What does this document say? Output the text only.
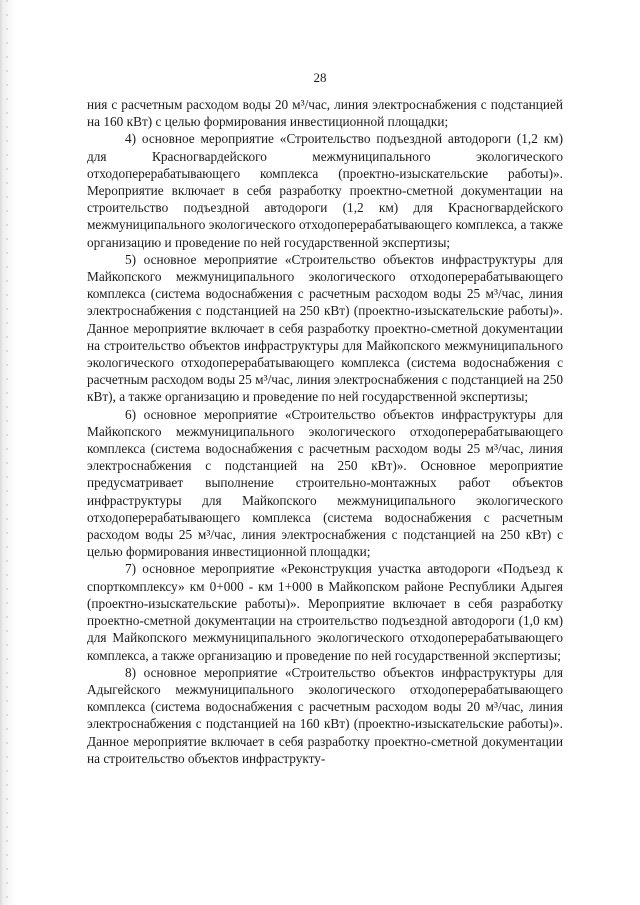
28

ния с расчетным расходом воды 20 м³/час, линия электроснабжения с подстанцией на 160 кВт) с целью формирования инвестиционной площадки;

4) основное мероприятие «Строительство подъездной автодороги (1,2 км) для Красногвардейского межмуниципального экологического отходоперерабатывающего комплекса (проектно-изыскательские работы)». Мероприятие включает в себя разработку проектно-сметной документации на строительство подъездной автодороги (1,2 км) для Красногвардейского межмуниципального экологического отходоперерабатывающего комплекса, а также организацию и проведение по ней государственной экспертизы;

5) основное мероприятие «Строительство объектов инфраструктуры для Майкопского межмуниципального экологического отходоперерабатывающего комплекса (система водоснабжения с расчетным расходом воды 25 м³/час, линия электроснабжения с подстанцией на 250 кВт) (проектно-изыскательские работы)». Данное мероприятие включает в себя разработку проектно-сметной документации на строительство объектов инфраструктуры для Майкопского межмуниципального экологического отходоперерабатывающего комплекса (система водоснабжения с расчетным расходом воды 25 м³/час, линия электроснабжения с подстанцией на 250 кВт), а также организацию и проведение по ней государственной экспертизы;

6) основное мероприятие «Строительство объектов инфраструктуры для Майкопского межмуниципального экологического отходоперерабатывающего комплекса (система водоснабжения с расчетным расходом воды 25 м³/час, линия электроснабжения с подстанцией на 250 кВт)». Основное мероприятие предусматривает выполнение строительно-монтажных работ объектов инфраструктуры для Майкопского межмуниципального экологического отходоперерабатывающего комплекса (система водоснабжения с расчетным расходом воды 25 м³/час, линия электроснабжения с подстанцией на 250 кВт) с целью формирования инвестиционной площадки;

7) основное мероприятие «Реконструкция участка автодороги «Подъезд к спорткомплексу» км 0+000 - км 1+000 в Майкопском районе Республики Адыгея (проектно-изыскательские работы)». Мероприятие включает в себя разработку проектно-сметной документации на строительство подъездной автодороги (1,0 км) для Майкопского межмуниципального экологического отходоперерабатывающего комплекса, а также организацию и проведение по ней государственной экспертизы;

8) основное мероприятие «Строительство объектов инфраструктуры для Адыгейского межмуниципального экологического отходоперерабатывающего комплекса (система водоснабжения с расчетным расходом воды 20 м³/час, линия электроснабжения с подстанцией на 160 кВт) (проектно-изыскательские работы)». Данное мероприятие включает в себя разработку проектно-сметной документации на строительство объектов инфраструкту-
